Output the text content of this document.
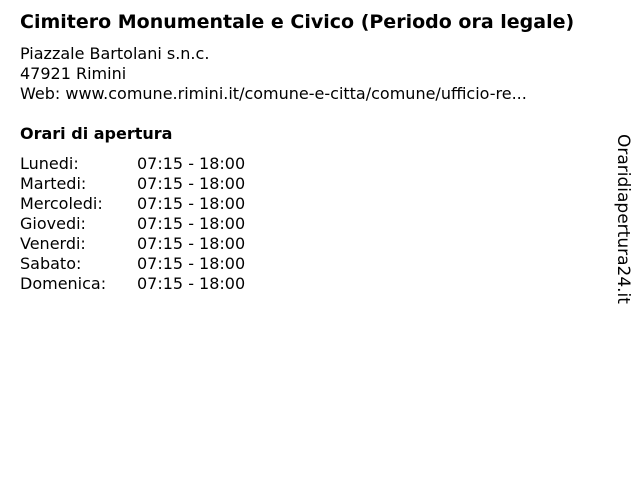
Cimitero Monumentale e Civico (Periodo ora legale)
Piazzale Bartolani s.n.c.
47921 Rimini
Web: www.comune.rimini.it/comune-e-citta/comune/ufficio-re...
Orari di apertura
Lunedi:	07:15 - 18:00
Martedi:	07:15 - 18:00
Mercoledi:	07:15 - 18:00
Giovedi:	07:15 - 18:00
Venerdi:	07:15 - 18:00
Sabato:	07:15 - 18:00
Domenica:	07:15 - 18:00	Oraridiapertura24.it
